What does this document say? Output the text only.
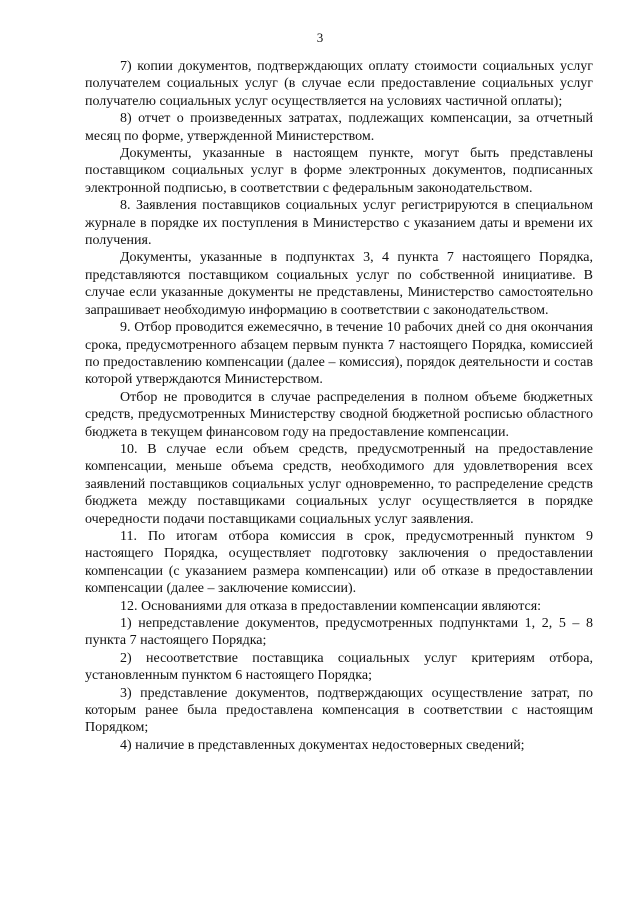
3

7) копии документов, подтверждающих оплату стоимости социальных услуг получателем социальных услуг (в случае если предоставление социальных услуг получателю социальных услуг осуществляется на условиях частичной оплаты);

8) отчет о произведенных затратах, подлежащих компенсации, за отчетный месяц по форме, утвержденной Министерством.

Документы, указанные в настоящем пункте, могут быть представлены поставщиком социальных услуг в форме электронных документов, подписанных электронной подписью, в соответствии с федеральным законодательством.

8. Заявления поставщиков социальных услуг регистрируются в специальном журнале в порядке их поступления в Министерство с указанием даты и времени их получения.

Документы, указанные в подпунктах 3, 4 пункта 7 настоящего Порядка, представляются поставщиком социальных услуг по собственной инициативе. В случае если указанные документы не представлены, Министерство самостоятельно запрашивает необходимую информацию в соответствии с законодательством.

9. Отбор проводится ежемесячно, в течение 10 рабочих дней со дня окончания срока, предусмотренного абзацем первым пункта 7 настоящего Порядка, комиссией по предоставлению компенсации (далее – комиссия), порядок деятельности и состав которой утверждаются Министерством.

Отбор не проводится в случае распределения в полном объеме бюджетных средств, предусмотренных Министерству сводной бюджетной росписью областного бюджета в текущем финансовом году на предоставление компенсации.

10. В случае если объем средств, предусмотренный на предоставление компенсации, меньше объема средств, необходимого для удовлетворения всех заявлений поставщиков социальных услуг одновременно, то распределение средств бюджета между поставщиками социальных услуг осуществляется в порядке очередности подачи поставщиками социальных услуг заявления.

11. По итогам отбора комиссия в срок, предусмотренный пунктом 9 настоящего Порядка, осуществляет подготовку заключения о предоставлении компенсации (с указанием размера компенсации) или об отказе в предоставлении компенсации (далее – заключение комиссии).

12. Основаниями для отказа в предоставлении компенсации являются:

1) непредставление документов, предусмотренных подпунктами 1, 2, 5 – 8 пункта 7 настоящего Порядка;

2) несоответствие поставщика социальных услуг критериям отбора, установленным пунктом 6 настоящего Порядка;

3) представление документов, подтверждающих осуществление затрат, по которым ранее была предоставлена компенсация в соответствии с настоящим Порядком;

4) наличие в представленных документах недостоверных сведений;
